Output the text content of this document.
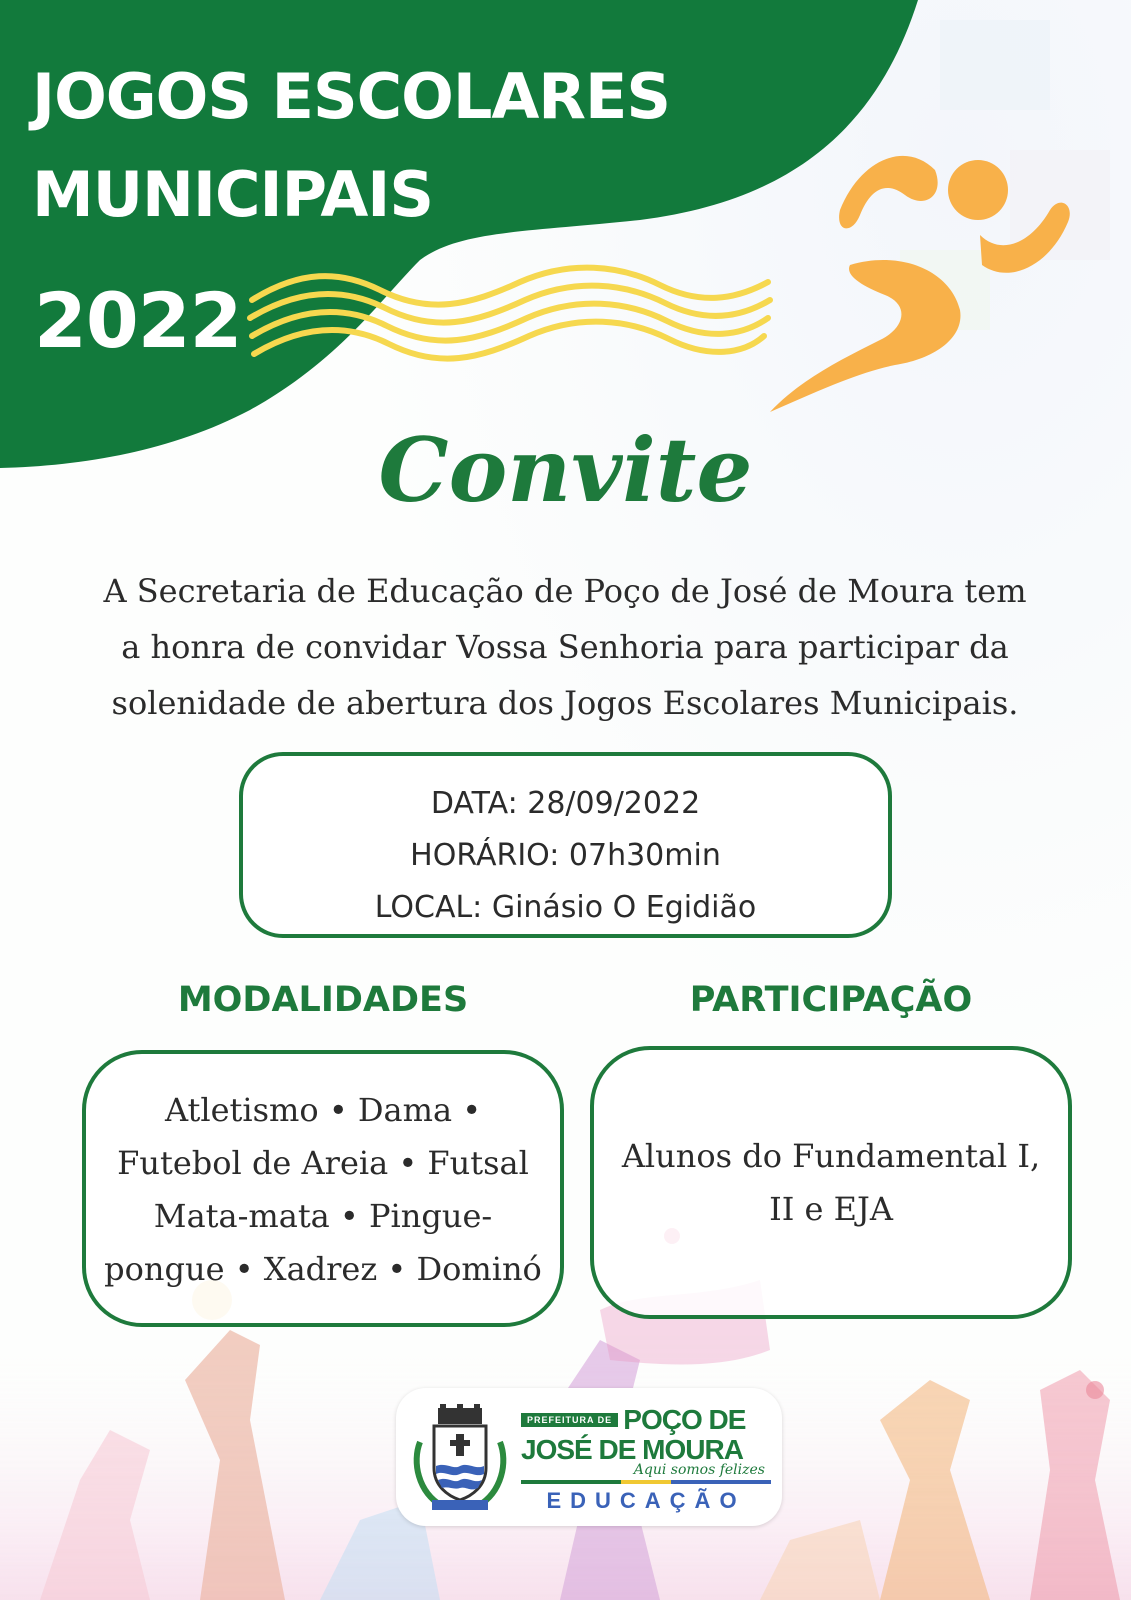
JOGOS ESCOLARES
MUNICIPAIS
2022
Convite
A Secretaria de Educação de Poço de José de Moura tem
a honra de convidar Vossa Senhoria para participar da
solenidade de abertura dos Jogos Escolares Municipais.
DATA: 28/09/2022
HORÁRIO: 07h30min
LOCAL: Ginásio O Egidião
MODALIDADES	PARTICIPAÇÃO
Atletismo • Dama •
Futebol de Areia • Futsal
Mata-mata • Pingue-
pongue • Xadrez • Dominó
Alunos do Fundamental I,
II e EJA
PREFEITURA DE POÇO DE
JOSÉ DE MOURA
Aqui somos felizes
EDUCAÇÃO
